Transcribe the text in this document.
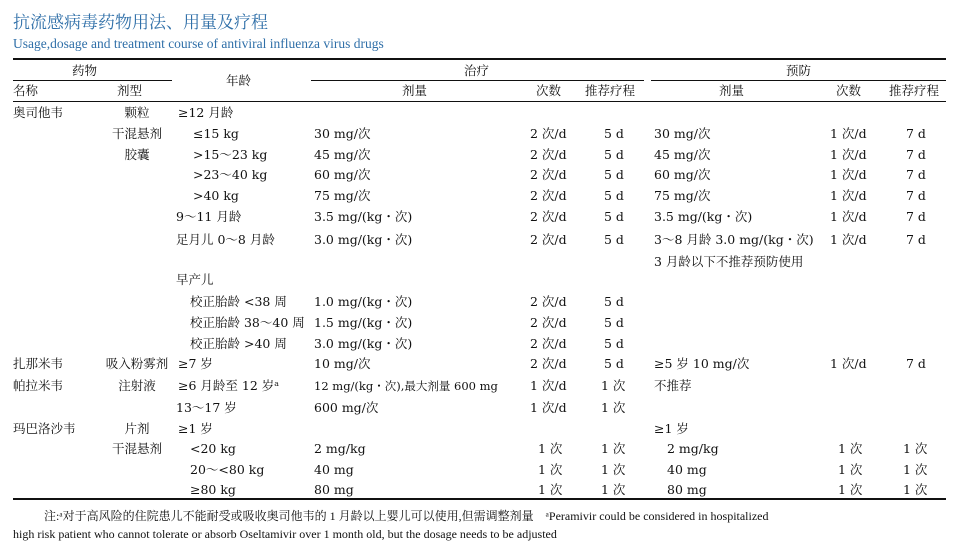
抗流感病毒药物用法、用量及疗程
Usage,dosage and treatment course of antiviral influenza virus drugs
药物
年龄
治疗	预防
名称	剂型	剂量	次数 推荐疗程	剂量	次数 推荐疗程
奥司他韦	颗粒	≥12 月龄
干混悬剂	≤15 kg	30 mg/次	2 次/d	5 d 30 mg/次	1 次/d	7 d
胶囊	>15～23 kg	45 mg/次	2 次/d	5 d 45 mg/次	1 次/d	7 d
>23～40 kg	60 mg/次	2 次/d	5 d 60 mg/次	1 次/d	7 d
>40 kg	75 mg/次	2 次/d	5 d 75 mg/次	1 次/d	7 d
9～11 月龄	3.5 mg/(kg・次)	2 次/d	5 d 3.5 mg/(kg・次)	1 次/d	7 d
足月儿 0～8 月龄	3.0 mg/(kg・次)	2 次/d	5 d 3～8 月龄 3.0 mg/(kg・次) 1 次/d	7 d
3 月龄以下不推荐预防使用
早产儿
校正胎龄 <38 周 1.0 mg/(kg・次)	2 次/d	5 d
校正胎龄 38～40 周 1.5 mg/(kg・次)	2 次/d	5 d
校正胎龄 >40 周 3.0 mg/(kg・次)	2 次/d	5 d
扎那米韦	吸入粉雾剂 ≥7 岁	10 mg/次	2 次/d	5 d ≥5 岁 10 mg/次	1 次/d	7 d
帕拉米韦	注射液	≥6 月龄至 12 岁ᵃ	12 mg/(kg・次),最大剂量 600 mg	1 次/d	1 次 不推荐
13～17 岁	600 mg/次	1 次/d	1 次
玛巴洛沙韦	片剂	≥1 岁	≥1 岁
干混悬剂	<20 kg	2 mg/kg	1 次	1 次	2 mg/kg	1 次	1 次
20～<80 kg	40 mg	1 次	1 次	40 mg	1 次	1 次
≥80 kg	80 mg	1 次	1 次	80 mg	1 次	1 次
注:ᵃ对于高风险的住院患儿不能耐受或吸收奥司他韦的 1 月龄以上婴儿可以使用,但需调整剂量　ᵃPeramivir could be considered in hospitalized
high risk patient who cannot tolerate or absorb Oseltamivir over 1 month old, but the dosage needs to be adjusted
